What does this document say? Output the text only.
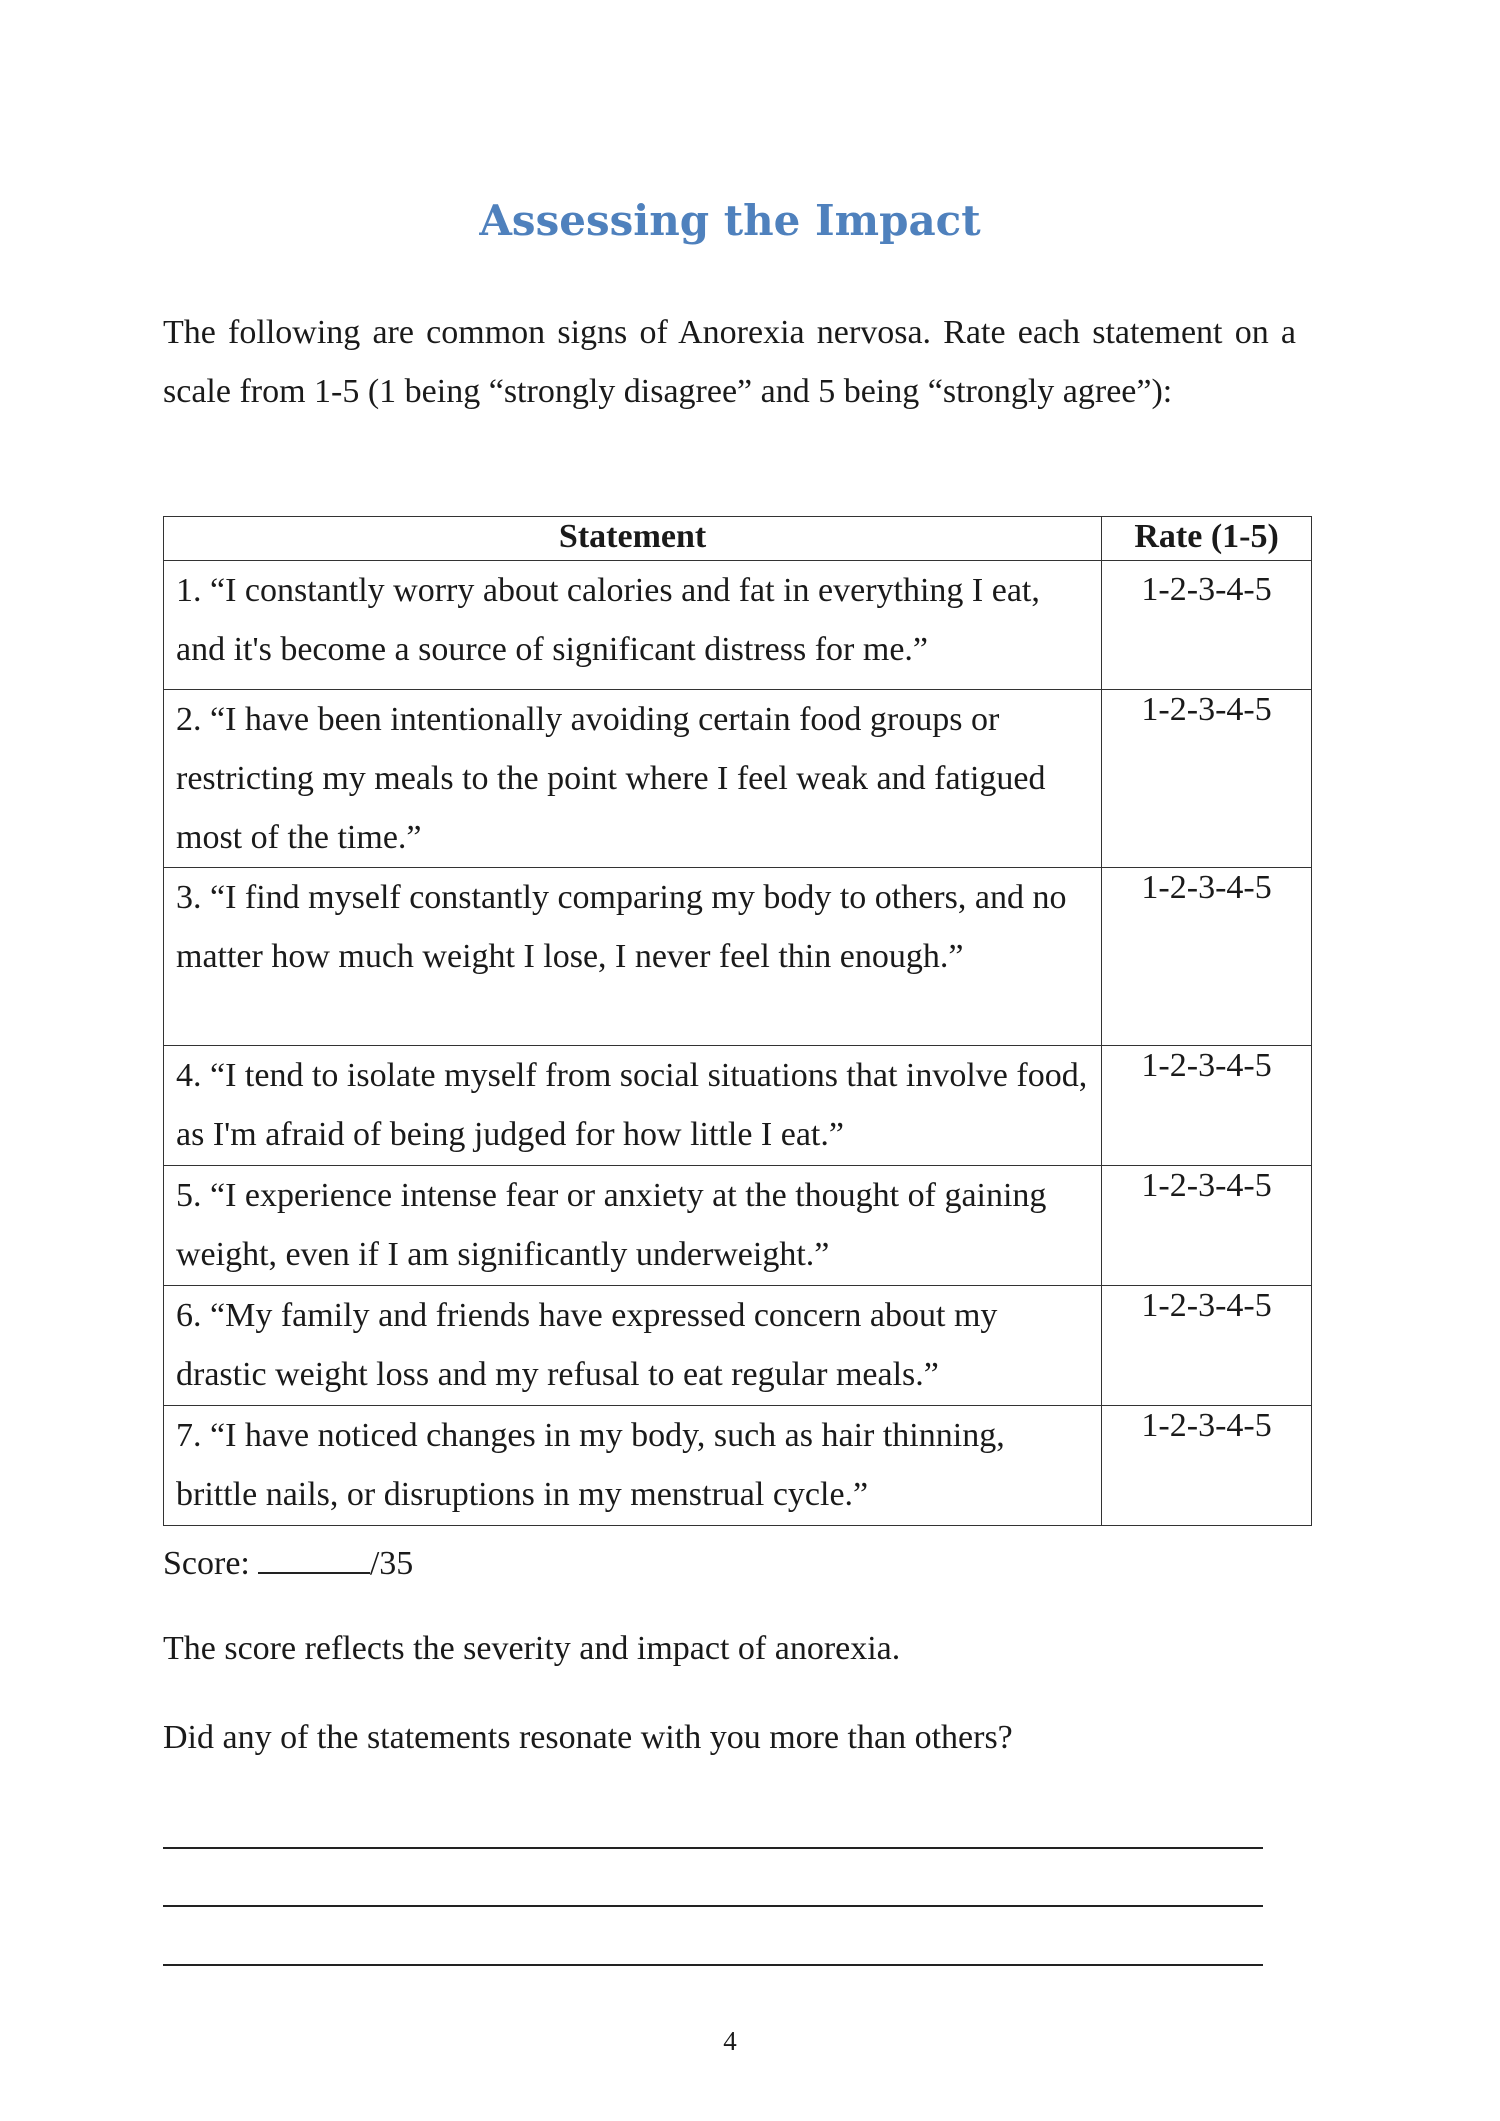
Assessing the Impact

The following are common signs of Anorexia nervosa. Rate each statement on a scale from 1-5 (1 being “strongly disagree” and 5 being “strongly agree”):

Statement	Rate (1-5)
1. “I constantly worry about calories and fat in everything I eat, and it's become a source of significant distress for me.”	1-2-3-4-5
2. “I have been intentionally avoiding certain food groups or restricting my meals to the point where I feel weak and fatigued most of the time.”	1-2-3-4-5
3. “I find myself constantly comparing my body to others, and no matter how much weight I lose, I never feel thin enough.”	1-2-3-4-5
4. “I tend to isolate myself from social situations that involve food, as I'm afraid of being judged for how little I eat.”	1-2-3-4-5
5. “I experience intense fear or anxiety at the thought of gaining weight, even if I am significantly underweight.”	1-2-3-4-5
6. “My family and friends have expressed concern about my drastic weight loss and my refusal to eat regular meals.”	1-2-3-4-5
7. “I have noticed changes in my body, such as hair thinning, brittle nails, or disruptions in my menstrual cycle.”	1-2-3-4-5

Score:	/35

The score reflects the severity and impact of anorexia.

Did any of the statements resonate with you more than others?

4
